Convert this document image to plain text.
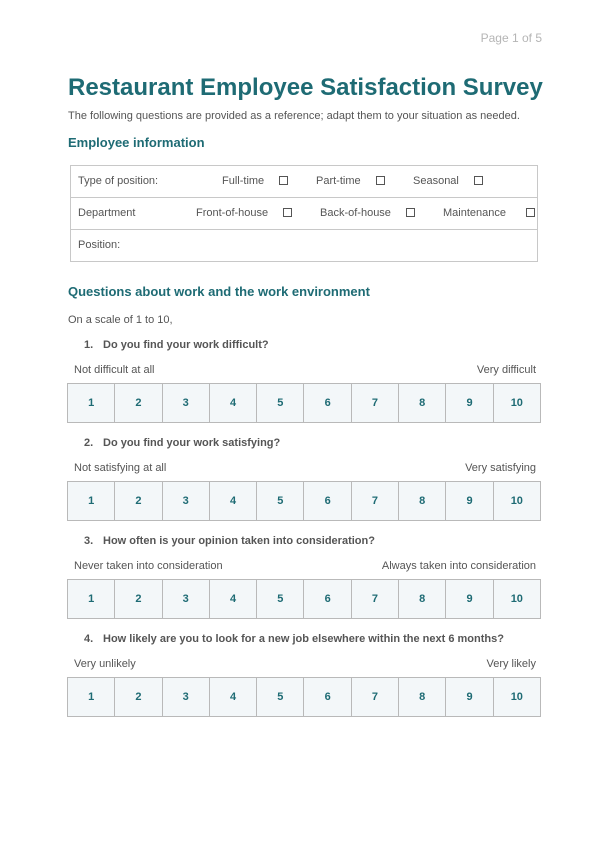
Page 1 of 5
Restaurant Employee Satisfaction Survey
The following questions are provided as a reference; adapt them to your situation as needed.
Employee information
Type of position:	Full-time	Part-time	Seasonal
Department	Front-of-house	Back-of-house	Maintenance
Position:
Questions about work and the work environment
On a scale of 1 to 10,
1. Do you find your work difficult?
Not difficult at all	Very difficult
1	2	3	4	5	6	7	8	9	10
2. Do you find your work satisfying?
Not satisfying at all	Very satisfying
1	2	3	4	5	6	7	8	9	10
3. How often is your opinion taken into consideration?
Never taken into consideration	Always taken into consideration
1	2	3	4	5	6	7	8	9	10
4. How likely are you to look for a new job elsewhere within the next 6 months?
Very unlikely	Very likely
1	2	3	4	5	6	7	8	9	10
